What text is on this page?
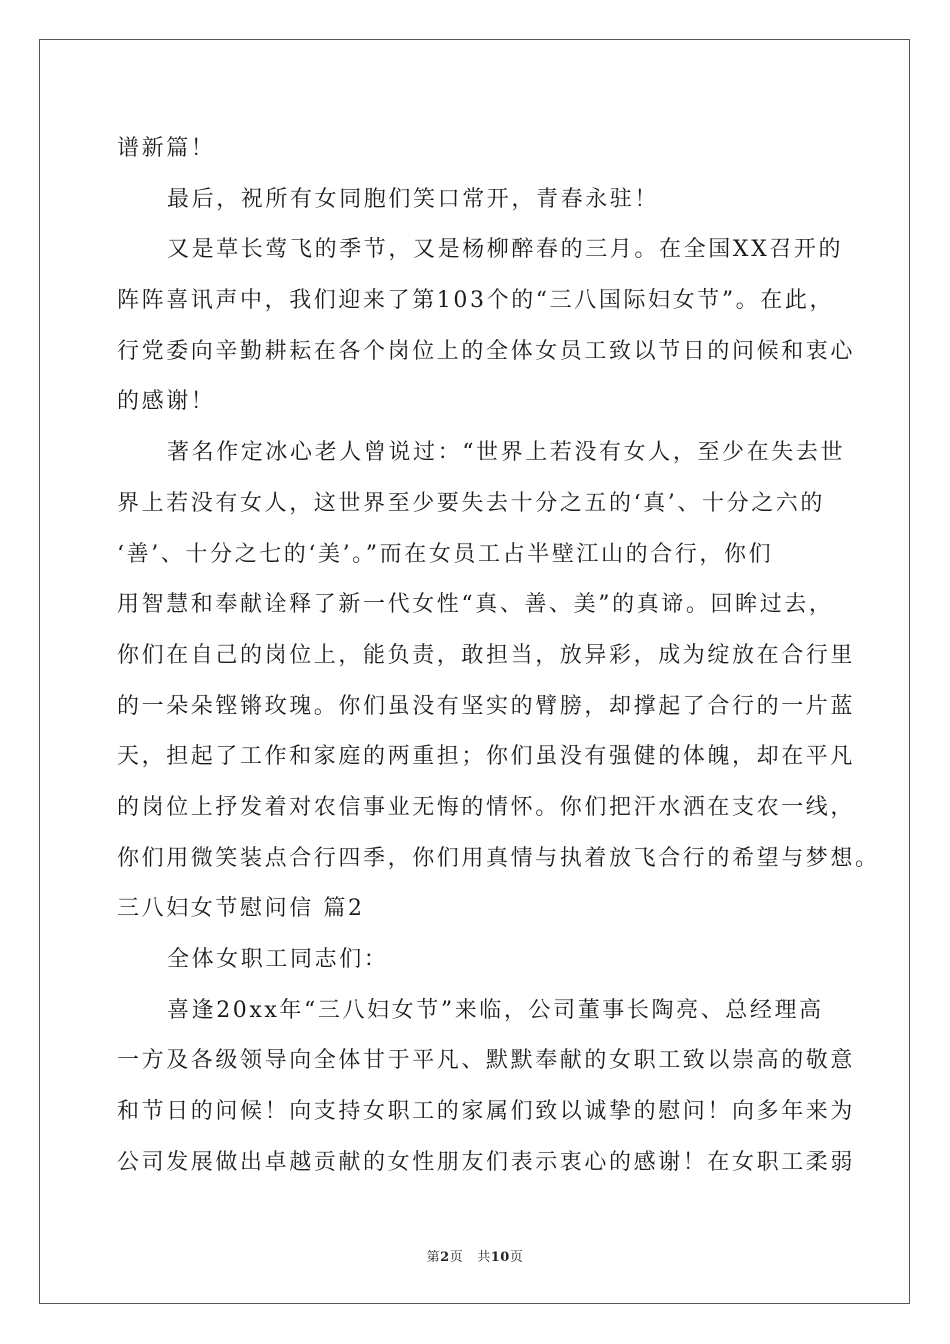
谱新篇！
最后，祝所有女同胞们笑口常开，青春永驻！
又是草长莺飞的季节，又是杨柳醉春的三月。在全国XX召开的
阵阵喜讯声中，我们迎来了第103个的“三八国际妇女节”。在此，
行党委向辛勤耕耘在各个岗位上的全体女员工致以节日的问候和衷心
的感谢！
著名作定冰心老人曾说过：“世界上若没有女人，至少在失去世
界上若没有女人，这世界至少要失去十分之五的‘真’、十分之六的
‘善’、十分之七的‘美’。”而在女员工占半壁江山的合行，你们
用智慧和奉献诠释了新一代女性“真、善、美”的真谛。回眸过去，
你们在自己的岗位上，能负责，敢担当，放异彩，成为绽放在合行里
的一朵朵铿锵玫瑰。你们虽没有坚实的臂膀，却撑起了合行的一片蓝
天，担起了工作和家庭的两重担；你们虽没有强健的体魄，却在平凡
的岗位上抒发着对农信事业无悔的情怀。你们把汗水洒在支农一线，
你们用微笑装点合行四季，你们用真情与执着放飞合行的希望与梦想。
三八妇女节慰问信 篇2
全体女职工同志们：
喜逢20xx年“三八妇女节”来临，公司董事长陶亮、总经理高
一方及各级领导向全体甘于平凡、默默奉献的女职工致以崇高的敬意
和节日的问候！向支持女职工的家属们致以诚挚的慰问！向多年来为
公司发展做出卓越贡献的女性朋友们表示衷心的感谢！在女职工柔弱
第2页 共10页
